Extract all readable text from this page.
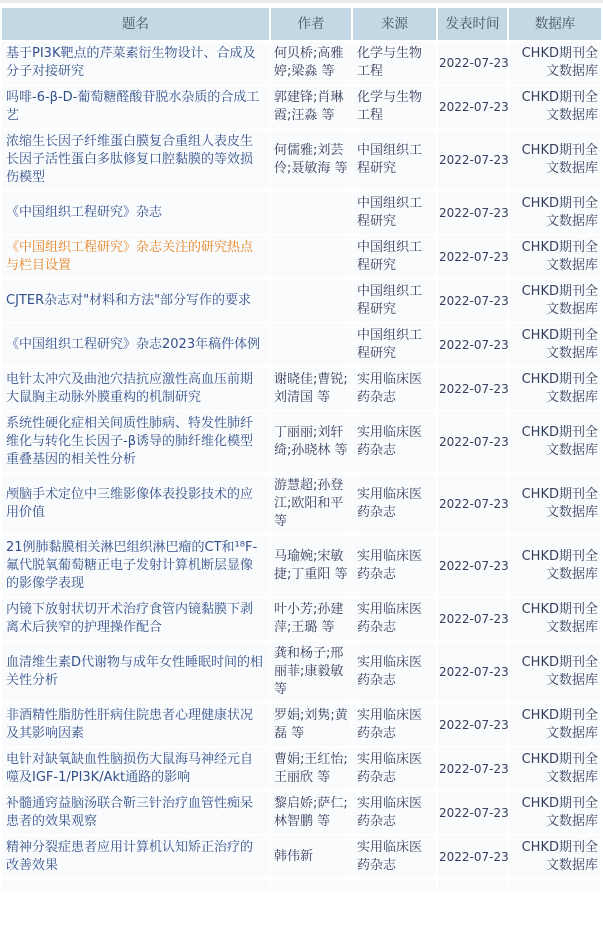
题名	作者	来源	发表时间	数据库
基于PI3K靶点的芹菜素衍生物设计、合成及分子对接研究	何贝桥;高雅婷;梁淼 等	化学与生物工程	2022-07-23	CHKD期刊全文数据库
吗啡-6-β-D-葡萄糖醛酸苷脱水杂质的合成工艺	郭建锋;肖琳霞;汪淼 等	化学与生物工程	2022-07-23	CHKD期刊全文数据库
浓缩生长因子纤维蛋白膜复合重组人表皮生长因子活性蛋白多肽修复口腔黏膜的等效损伤模型	何儒雅;刘芸伶;聂敏海 等	中国组织工程研究	2022-07-23	CHKD期刊全文数据库
《中国组织工程研究》杂志		中国组织工程研究	2022-07-23	CHKD期刊全文数据库
《中国组织工程研究》杂志关注的研究热点与栏目设置		中国组织工程研究	2022-07-23	CHKD期刊全文数据库
CJTER杂志对"材料和方法"部分写作的要求		中国组织工程研究	2022-07-23	CHKD期刊全文数据库
《中国组织工程研究》杂志2023年稿件体例		中国组织工程研究	2022-07-23	CHKD期刊全文数据库
电针太冲穴及曲池穴拮抗应激性高血压前期大鼠胸主动脉外膜重构的机制研究	谢晓佳;曹锐;刘清国 等	实用临床医药杂志	2022-07-23	CHKD期刊全文数据库
系统性硬化症相关间质性肺病、特发性肺纤维化与转化生长因子-β诱导的肺纤维化模型重叠基因的相关性分析	丁丽丽;刘轩绮;孙晓林 等	实用临床医药杂志	2022-07-23	CHKD期刊全文数据库
颅脑手术定位中三维影像体表投影技术的应用价值	游慧超;孙登江;欧阳和平 等	实用临床医药杂志	2022-07-23	CHKD期刊全文数据库
21例肺黏膜相关淋巴组织淋巴瘤的CT和¹⁸F-氟代脱氧葡萄糖正电子发射计算机断层显像的影像学表现	马瑜婉;宋敏捷;丁重阳 等	实用临床医药杂志	2022-07-23	CHKD期刊全文数据库
内镜下放射状切开术治疗食管内镜黏膜下剥离术后狭窄的护理操作配合	叶小芳;孙建萍;王璐 等	实用临床医药杂志	2022-07-23	CHKD期刊全文数据库
血清维生素D代谢物与成年女性睡眠时间的相关性分析	龚和杨子;邢丽菲;康毅敏 等	实用临床医药杂志	2022-07-23	CHKD期刊全文数据库
非酒精性脂肪性肝病住院患者心理健康状况及其影响因素	罗娟;刘隽;黄磊 等	实用临床医药杂志	2022-07-23	CHKD期刊全文数据库
电针对缺氧缺血性脑损伤大鼠海马神经元自噬及IGF-1/PI3K/Akt通路的影响	曹娟;王红怡;王丽欣 等	实用临床医药杂志	2022-07-23	CHKD期刊全文数据库
补髓通窍益脑汤联合靳三针治疗血管性痴呆患者的效果观察	黎启娇;萨仁;林智鹏 等	实用临床医药杂志	2022-07-23	CHKD期刊全文数据库
精神分裂症患者应用计算机认知矫正治疗的改善效果	韩伟新	实用临床医药杂志	2022-07-23	CHKD期刊全文数据库
